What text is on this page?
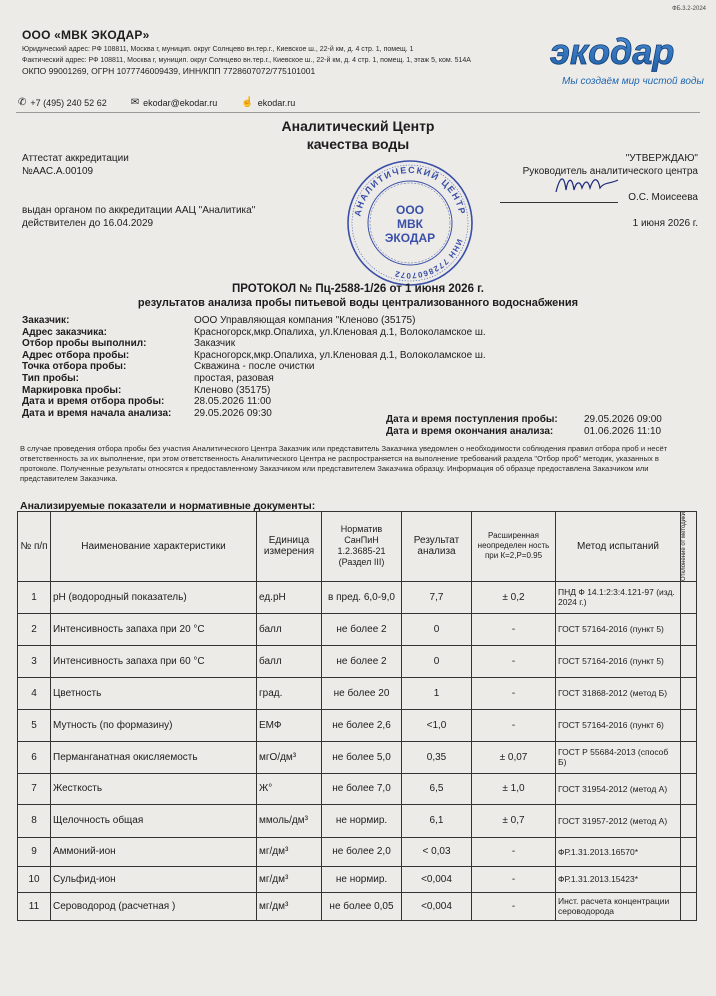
ФБ.3.2-2024
ООО «МВК ЭКОДАР»
Юридический адрес: РФ 108811, Москва г, муницип. округ Солнцево вн.тер.г., Киевское ш., 22-й км, д. 4 стр. 1, помещ. 1
Фактический адрес: РФ 108811, Москва г, муницип. округ Солнцево вн.тер.г., Киевское ш., 22-й км, д. 4 стр. 1, помещ. 1, этаж 5, ком. 514А
ОКПО 99001269, ОГРН 1077746009439, ИНН/КПП 7728607072/775101001	экодар
Мы создаём мир чистой воды
✆ +7 (495) 240 52 62 ✉ ekodar@ekodar.ru ☝ ekodar.ru
Аналитический Центр
качества воды
Аттестат аккредитации
№ААС.А.00109
выдан органом по аккредитации ААЦ "Аналитика"
действителен до 16.04.2029
АНАЛИТИЧЕСКИЙ ЦЕНТР
ИНН 7728607072
ООО
МВК
ЭКОДАР
"УТВЕРЖДАЮ"
Руководитель аналитического центра
О.С. Моисеева
1 июня 2026 г.
ПРОТОКОЛ № Пц-2588-1/26 от 1 июня 2026 г.
результатов анализа пробы питьевой воды централизованного водоснабжения
Заказчик:	ООО Управляющая компания "Кленово (35175)
Адрес заказчика:	Красногорск,мкр.Опалиха, ул.Кленовая д.1, Волоколамское ш.
Отбор пробы выполнил:	Заказчик
Адрес отбора пробы:	Красногорск,мкр.Опалиха, ул.Кленовая д.1, Волоколамское ш.
Точка отбора пробы:	Скважина - после очистки
Тип пробы:	простая, разовая
Маркировка пробы:	Кленово (35175)
Дата и время отбора пробы:	28.05.2026 11:00
Дата и время начала анализа:	29.05.2026 09:30
Дата и время поступления пробы:	29.05.2026 09:00
Дата и время окончания анализа:	01.06.2026 11:10
В случае проведения отбора пробы без участия Аналитического Центра Заказчик или представитель Заказчика уведомлен о необходимости соблюдения правил отбора проб и несёт ответственность за их выполнение, при этом ответственность Аналитического Центра не распространяется на выполнение требований раздела "Отбор проб" методик, указанных в протоколе. Полученные результаты относятся к предоставленному Заказчиком или представителем Заказчика образцу. Информация об образце предоставлена Заказчиком или представителем Заказчика.
Анализируемые показатели и нормативные документы:
№ п/п	Наименование характеристики	Единица измерения	Норматив СанПиН 1.2.3685-21 (Раздел III)	Результат анализа	Расширенная неопределен ность при К=2,Р=0.95	Метод испытаний	Отклонение от методики

1	pH (водородный показатель)	ед.pH	в пред. 6,0-9,0	7,7	± 0,2	ПНД Ф 14.1:2:3:4.121-97 (изд. 2024 г.)	
2	Интенсивность запаха при 20 °С	балл	не более 2	0	-	ГОСТ 57164-2016 (пункт 5)	
3	Интенсивность запаха при 60 °С	балл	не более 2	0	-	ГОСТ 57164-2016 (пункт 5)	
4	Цветность	град.	не более 20	1	-	ГОСТ 31868-2012 (метод Б)	
5	Мутность (по формазину)	ЕМФ	не более 2,6	<1,0	-	ГОСТ 57164-2016 (пункт 6)	
6	Перманганатная окисляемость	мгО/дм³	не более 5,0	0,35	± 0,07	ГОСТ Р 55684-2013 (способ Б)	
7	Жесткость	Ж°	не более 7,0	6,5	± 1,0	ГОСТ 31954-2012 (метод А)	
8	Щелочность общая	ммоль/дм³	не нормир.	6,1	± 0,7	ГОСТ 31957-2012 (метод А)	
9	Аммоний-ион	мг/дм³	не более 2,0	< 0,03	-	ФР.1.31.2013.16570*	
10	Сульфид-ион	мг/дм³	не нормир.	<0,004	-	ФР.1.31.2013.15423*	
11	Сероводород (расчетная )	мг/дм³	не более 0,05	<0,004	-	Инст. расчета концентрации сероводорода	
